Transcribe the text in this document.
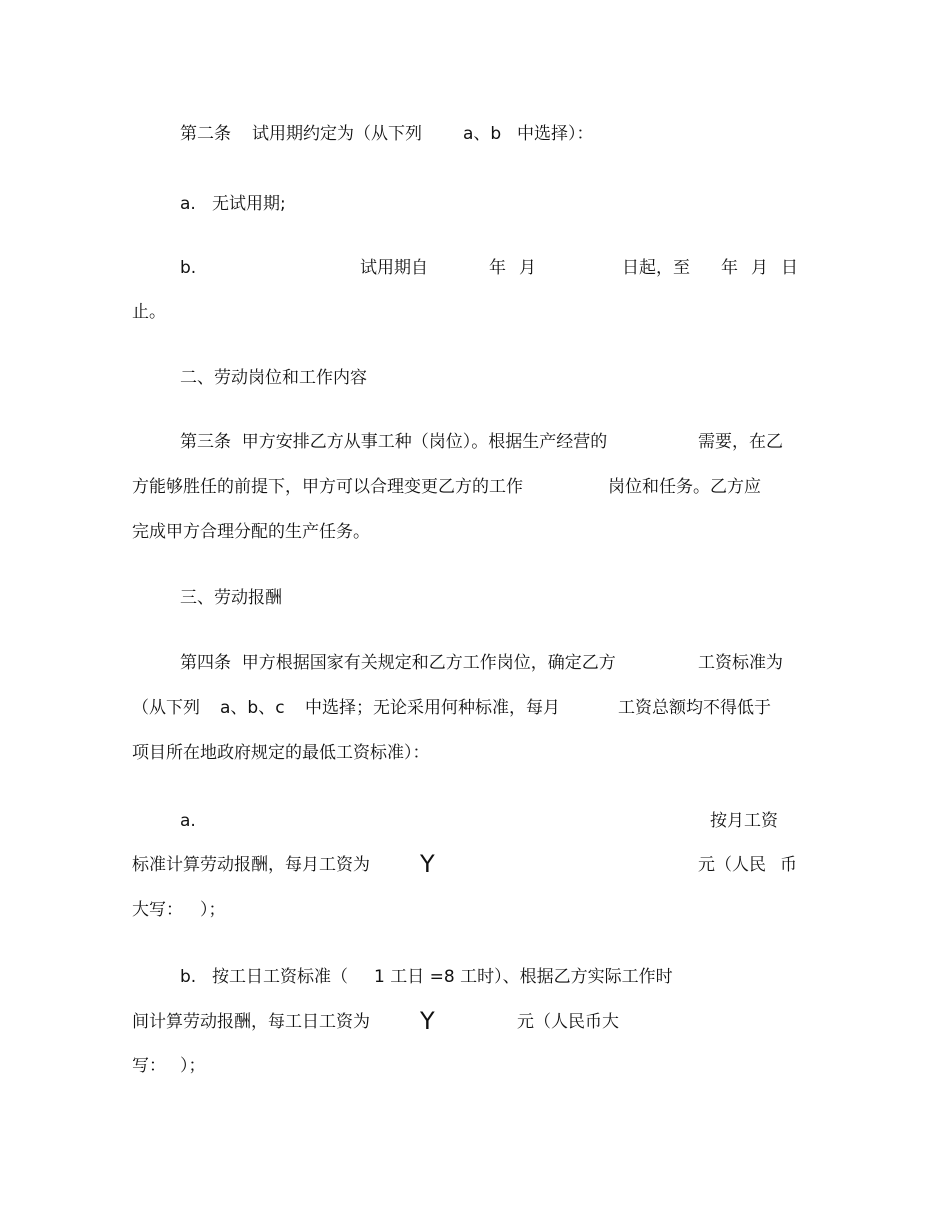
第二条 试用期约定为（从下列 a、b 中选择）：
a. 无试用期;
b.	试用期自	年 月	日起，至 年 月 日
止。
二、劳动岗位和工作内容
第三条  甲方安排乙方从事工种（岗位）。根据生产经营的	需要，在乙
方能够胜任的前提下，甲方可以合理变更乙方的工作	岗位和任务。乙方应
完成甲方合理分配的生产任务。
三、劳动报酬
第四条  甲方根据国家有关规定和乙方工作岗位，确定乙方	工资标准为
（从下列 a、b、c 中选择；无论采用何种标准，每月	工资总额均不得低于
项目所在地政府规定的最低工资标准）：
a.	按月工资
标准计算劳动报酬，每月工资为 Y	元（人民 币
大写： ）；
b. 按工日工资标准（ 1 工日 =8 工时）、根据乙方实际工作时
间计算劳动报酬，每工日工资为 Y	元（人民币大
写： ）；
